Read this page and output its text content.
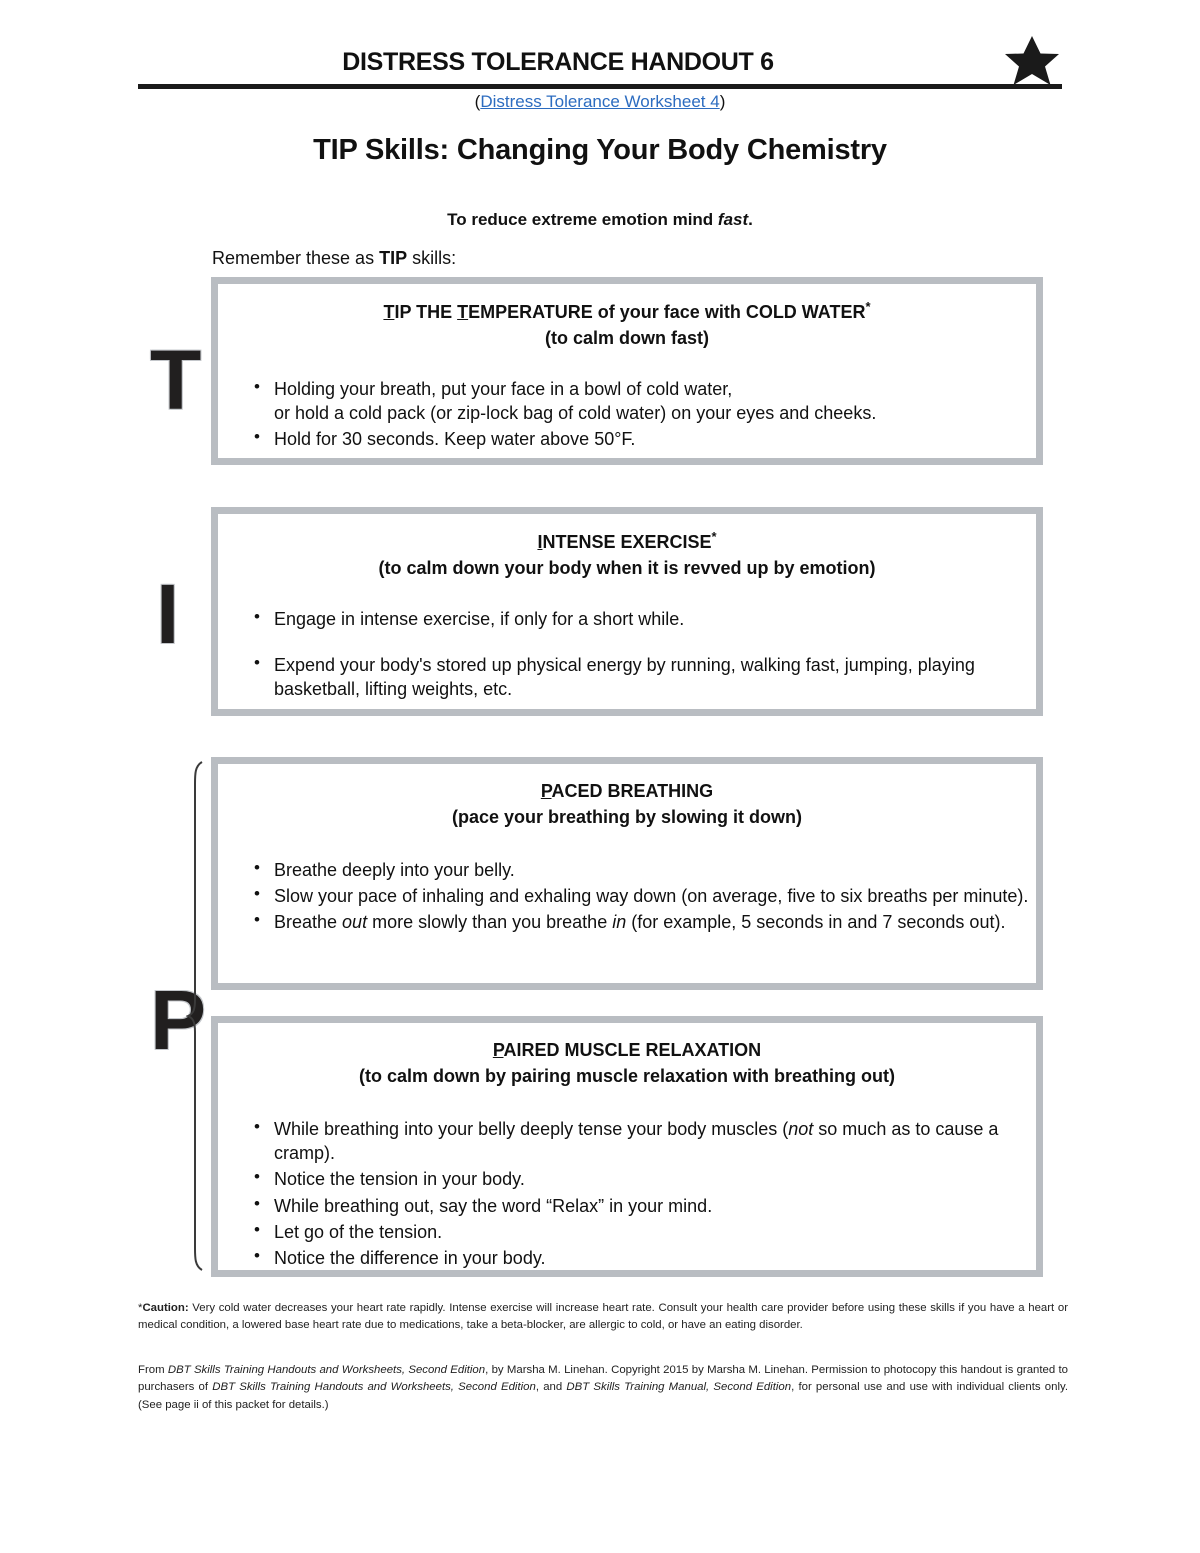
DISTRESS TOLERANCE HANDOUT 6
(Distress Tolerance Worksheet 4)
TIP Skills: Changing Your Body Chemistry
To reduce extreme emotion mind fast.
Remember these as TIP skills:
T
I
P
TIP THE TEMPERATURE of your face with COLD WATER*
(to calm down fast)
• Holding your breath, put your face in a bowl of cold water,
or hold a cold pack (or zip-lock bag of cold water) on your eyes and cheeks.
• Hold for 30 seconds. Keep water above 50°F.
INTENSE EXERCISE*
(to calm down your body when it is revved up by emotion)
• Engage in intense exercise, if only for a short while.
• Expend your body's stored up physical energy by running, walking fast, jumping, playing basketball, lifting weights, etc.
PACED BREATHING
(pace your breathing by slowing it down)
• Breathe deeply into your belly.
• Slow your pace of inhaling and exhaling way down (on average, five to six breaths per minute).
• Breathe out more slowly than you breathe in (for example, 5 seconds in and 7 seconds out).
PAIRED MUSCLE RELAXATION
(to calm down by pairing muscle relaxation with breathing out)
• While breathing into your belly deeply tense your body muscles (not so much as to cause a cramp).
• Notice the tension in your body.
• While breathing out, say the word “Relax” in your mind.
• Let go of the tension.
• Notice the difference in your body.
*Caution: Very cold water decreases your heart rate rapidly. Intense exercise will increase heart rate. Consult your health care provider before using these skills if you have a heart or medical condition, a lowered base heart rate due to medications, take a beta-blocker, are allergic to cold, or have an eating disorder.
From DBT Skills Training Handouts and Worksheets, Second Edition, by Marsha M. Linehan. Copyright 2015 by Marsha M. Linehan. Permission to photocopy this handout is granted to purchasers of DBT Skills Training Handouts and Worksheets, Second Edition, and DBT Skills Training Manual, Second Edition, for personal use and use with individual clients only. (See page ii of this packet for details.)
